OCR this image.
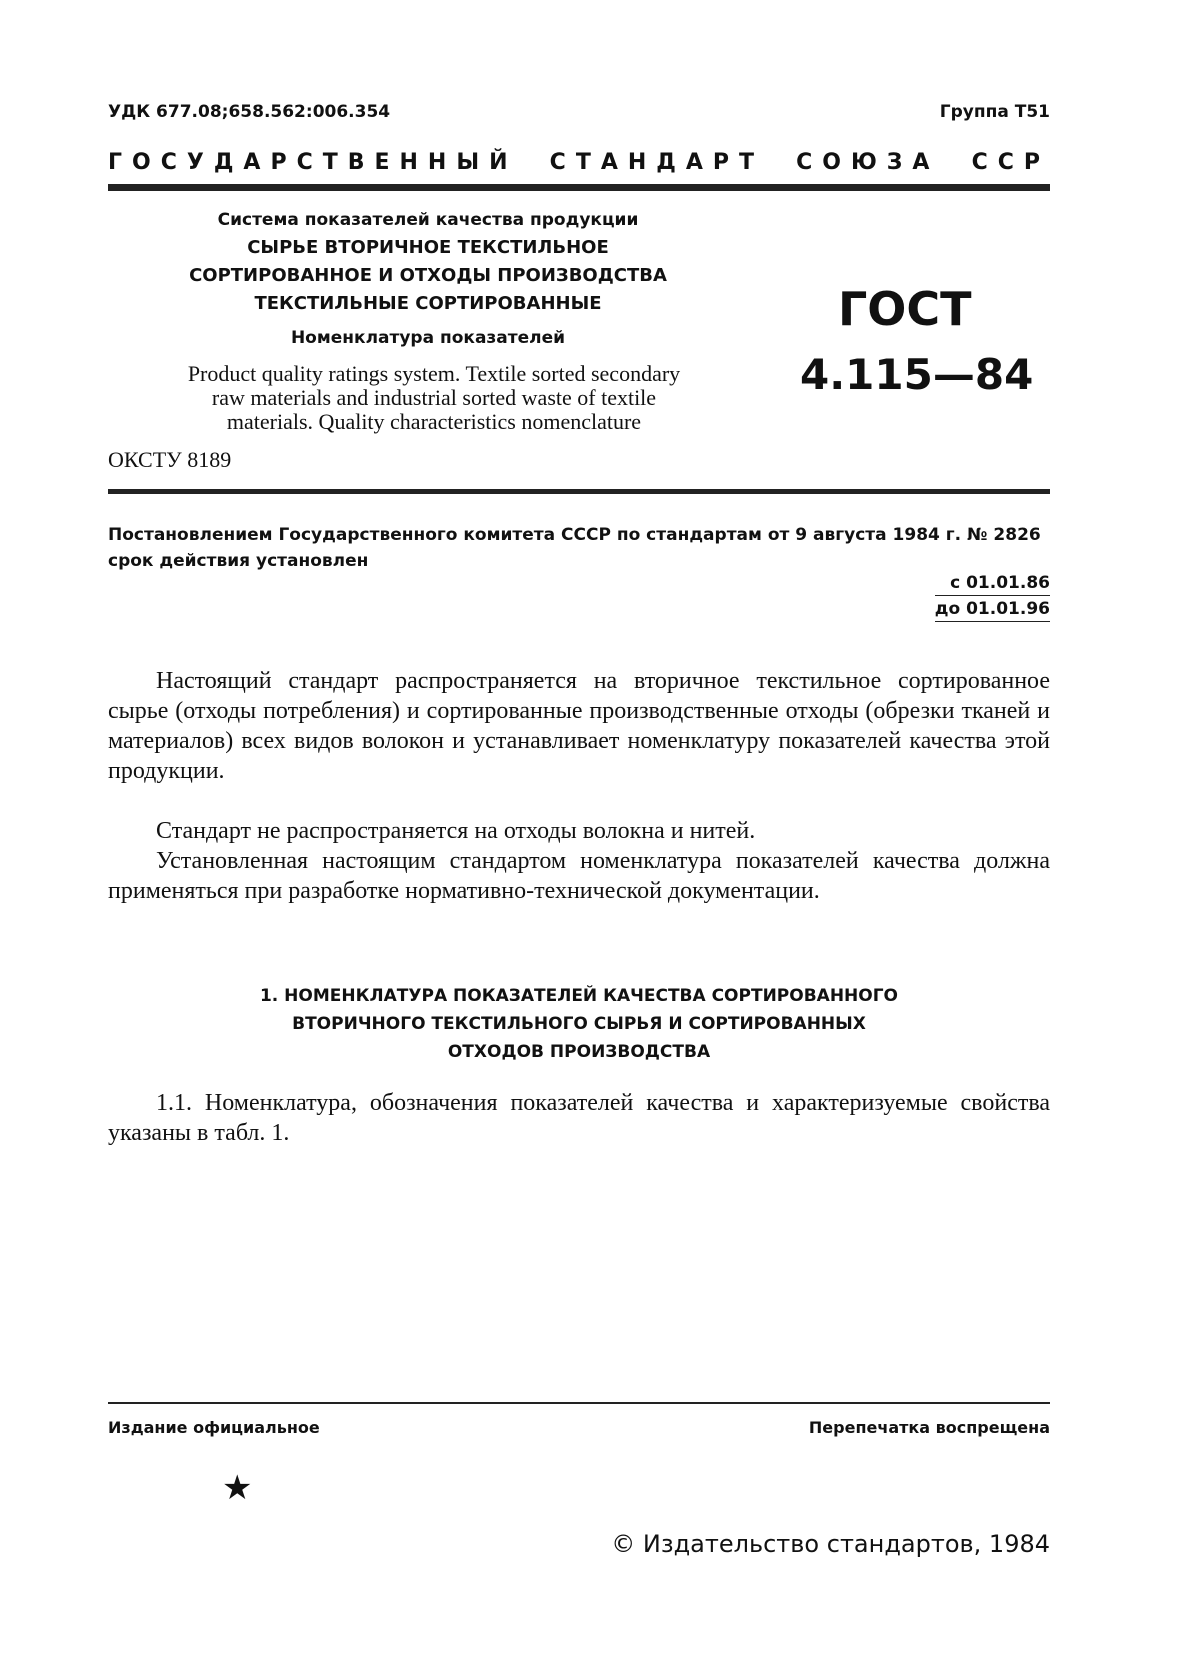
УДК 677.08;658.562:006.354	Группа Т51
ГОСУДАРСТВЕННЫЙ СТАНДАРТ СОЮЗА ССР
Система показателей качества продукции
СЫРЬЕ ВТОРИЧНОЕ ТЕКСТИЛЬНОЕ
СОРТИРОВАННОЕ И ОТХОДЫ ПРОИЗВОДСТВА
ТЕКСТИЛЬНЫЕ СОРТИРОВАННЫЕ
Номенклатура показателей
Product quality ratings system. Textile sorted secondary
raw materials and industrial sorted waste of textile
materials. Quality characteristics nomenclature
ОКСТУ 8189
ГОСТ
4.115—84
Постановлением Государственного комитета СССР по стандартам от 9 августа 1984 г. № 2826 срок действия установлен
с 01.01.86
до 01.01.96
Настоящий стандарт распространяется на вторичное текстильное сортированное сырье (отходы потребления) и сортированные производственные отходы (обрезки тканей и материалов) всех видов волокон и устанавливает номенклатуру показателей качества этой продукции.
Стандарт не распространяется на отходы волокна и нитей.
Установленная настоящим стандартом номенклатура показателей качества должна применяться при разработке нормативно-технической документации.
1. НОМЕНКЛАТУРА ПОКАЗАТЕЛЕЙ КАЧЕСТВА СОРТИРОВАННОГО
ВТОРИЧНОГО ТЕКСТИЛЬНОГО СЫРЬЯ И СОРТИРОВАННЫХ
ОТХОДОВ ПРОИЗВОДСТВА
1.1. Номенклатура, обозначения показателей качества и характеризуемые свойства указаны в табл. 1.
Издание официальное	Перепечатка воспрещена
★
© Издательство стандартов, 1984
